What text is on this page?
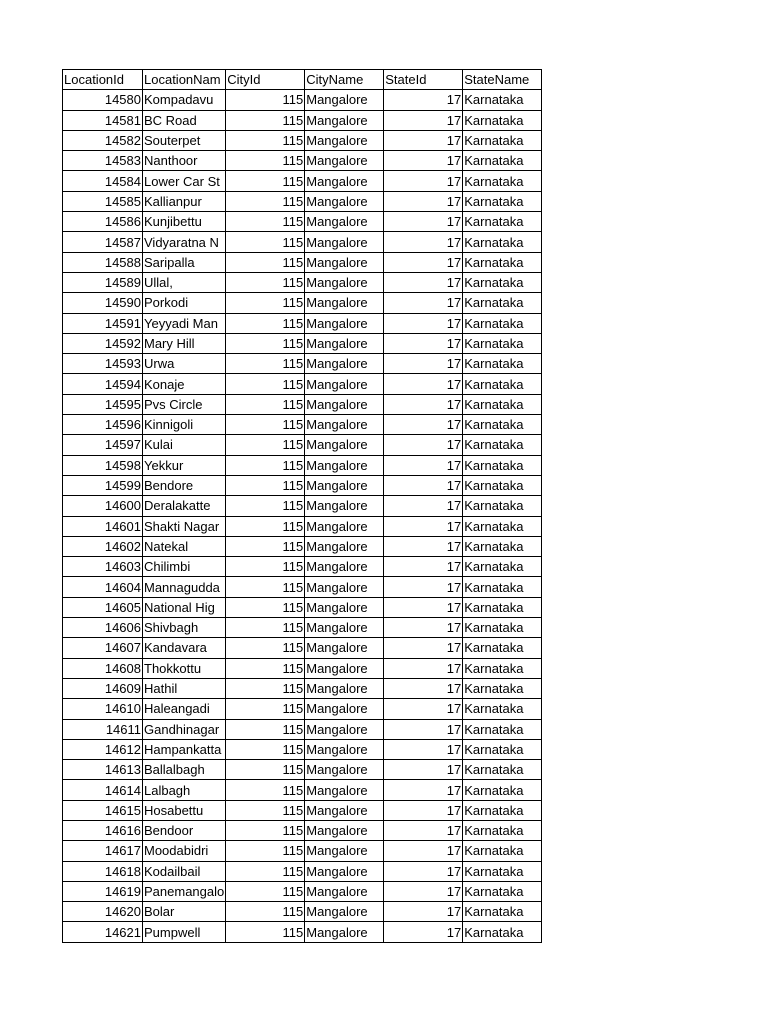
LocationId	LocationNam	CityId	CityName	StateId	StateName
14580	Kompadavu	115	Mangalore	17	Karnataka
14581	BC Road	115	Mangalore	17	Karnataka
14582	Souterpet	115	Mangalore	17	Karnataka
14583	Nanthoor	115	Mangalore	17	Karnataka
14584	Lower Car St	115	Mangalore	17	Karnataka
14585	Kallianpur	115	Mangalore	17	Karnataka
14586	Kunjibettu	115	Mangalore	17	Karnataka
14587	Vidyaratna N	115	Mangalore	17	Karnataka
14588	Saripalla	115	Mangalore	17	Karnataka
14589	Ullal,	115	Mangalore	17	Karnataka
14590	Porkodi	115	Mangalore	17	Karnataka
14591	Yeyyadi Man	115	Mangalore	17	Karnataka
14592	Mary Hill	115	Mangalore	17	Karnataka
14593	Urwa	115	Mangalore	17	Karnataka
14594	Konaje	115	Mangalore	17	Karnataka
14595	Pvs Circle	115	Mangalore	17	Karnataka
14596	Kinnigoli	115	Mangalore	17	Karnataka
14597	Kulai	115	Mangalore	17	Karnataka
14598	Yekkur	115	Mangalore	17	Karnataka
14599	Bendore	115	Mangalore	17	Karnataka
14600	Deralakatte	115	Mangalore	17	Karnataka
14601	Shakti Nagar	115	Mangalore	17	Karnataka
14602	Natekal	115	Mangalore	17	Karnataka
14603	Chilimbi	115	Mangalore	17	Karnataka
14604	Mannagudda	115	Mangalore	17	Karnataka
14605	National Hig	115	Mangalore	17	Karnataka
14606	Shivbagh	115	Mangalore	17	Karnataka
14607	Kandavara	115	Mangalore	17	Karnataka
14608	Thokkottu	115	Mangalore	17	Karnataka
14609	Hathil	115	Mangalore	17	Karnataka
14610	Haleangadi	115	Mangalore	17	Karnataka
14611	Gandhinagar	115	Mangalore	17	Karnataka
14612	Hampankatta	115	Mangalore	17	Karnataka
14613	Ballalbagh	115	Mangalore	17	Karnataka
14614	Lalbagh	115	Mangalore	17	Karnataka
14615	Hosabettu	115	Mangalore	17	Karnataka
14616	Bendoor	115	Mangalore	17	Karnataka
14617	Moodabidri	115	Mangalore	17	Karnataka
14618	Kodailbail	115	Mangalore	17	Karnataka
14619	Panemangalo	115	Mangalore	17	Karnataka
14620	Bolar	115	Mangalore	17	Karnataka
14621	Pumpwell	115	Mangalore	17	Karnataka
